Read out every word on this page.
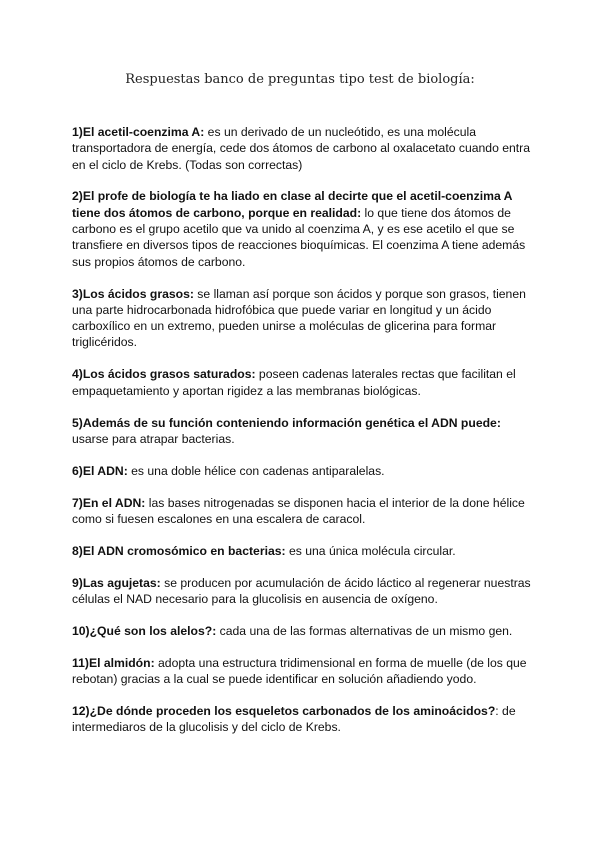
Respuestas banco de preguntas tipo test de biología:

1)El acetil-coenzima A: es un derivado de un nucleótido, es una molécula transportadora de energía, cede dos átomos de carbono al oxalacetato cuando entra en el ciclo de Krebs. (Todas son correctas)

2)El profe de biología te ha liado en clase al decirte que el acetil-coenzima A tiene dos átomos de carbono, porque en realidad: lo que tiene dos átomos de carbono es el grupo acetilo que va unido al coenzima A, y es ese acetilo el que se transfiere en diversos tipos de reacciones bioquímicas. El coenzima A tiene además sus propios átomos de carbono.

3)Los ácidos grasos: se llaman así porque son ácidos y porque son grasos, tienen una parte hidrocarbonada hidrofóbica que puede variar en longitud y un ácido carboxílico en un extremo, pueden unirse a moléculas de glicerina para formar triglicéridos.

4)Los ácidos grasos saturados: poseen cadenas laterales rectas que facilitan el empaquetamiento y aportan rigidez a las membranas biológicas.

5)Además de su función conteniendo información genética el ADN puede: usarse para atrapar bacterias.

6)El ADN: es una doble hélice con cadenas antiparalelas.

7)En el ADN: las bases nitrogenadas se disponen hacia el interior de la done hélice como si fuesen escalones en una escalera de caracol.

8)El ADN cromosómico en bacterias: es una única molécula circular.

9)Las agujetas: se producen por acumulación de ácido láctico al regenerar nuestras células el NAD necesario para la glucolisis en ausencia de oxígeno.

10)¿Qué son los alelos?: cada una de las formas alternativas de un mismo gen.

11)El almidón: adopta una estructura tridimensional en forma de muelle (de los que rebotan) gracias a la cual se puede identificar en solución añadiendo yodo.

12)¿De dónde proceden los esqueletos carbonados de los aminoácidos?: de intermediaros de la glucolisis y del ciclo de Krebs.
